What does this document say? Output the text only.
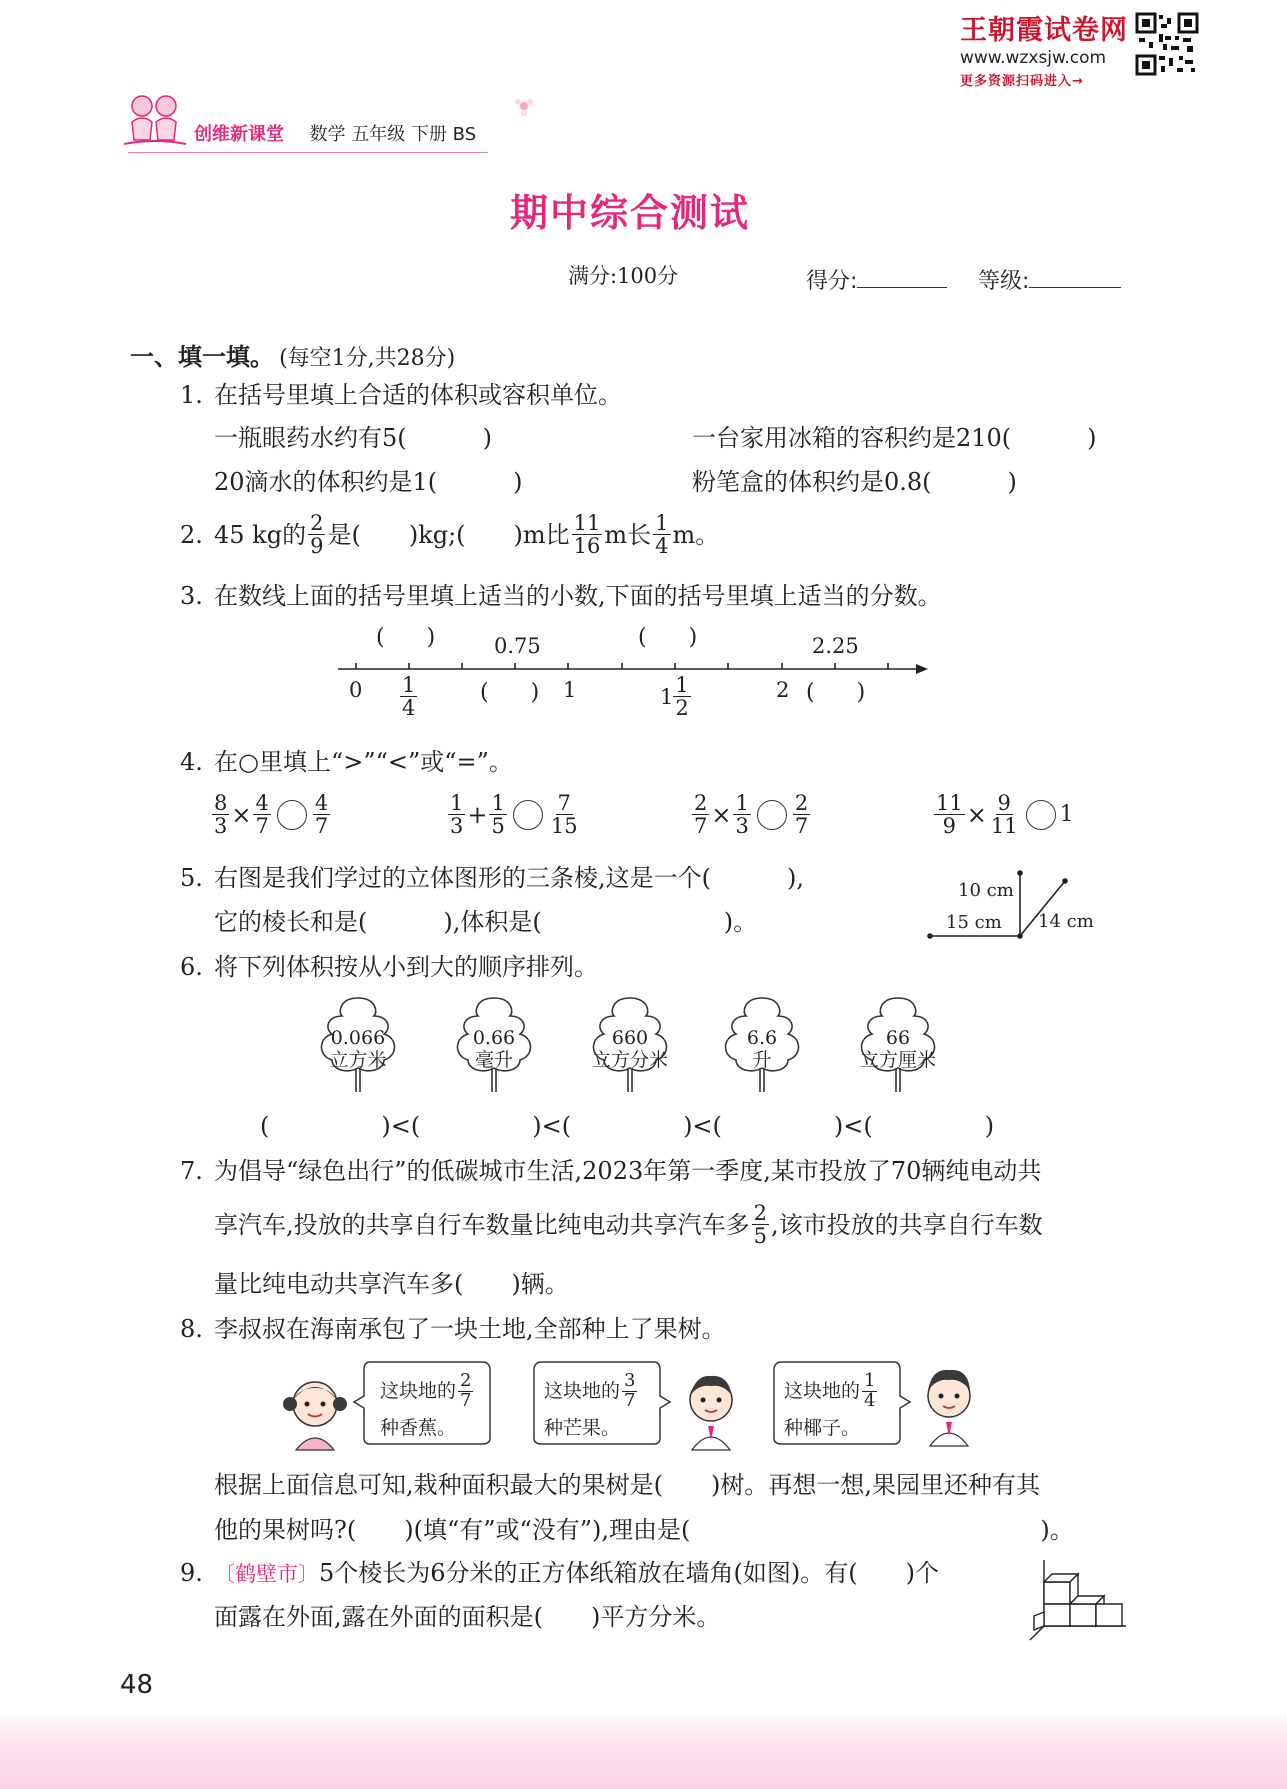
王朝霞试卷网
www.wzxsjw.com
更多资源扫码进入→
创维新课堂 数学 五年级 下册 BS
期中综合测试
满分:100分	得分:	等级:
一、填一填。 (每空1分,共28分)
1. 在括号里填上合适的体积或容积单位。
一瓶眼药水约有5(	)	一台家用冰箱的容积约是210(	)
20滴水的体积约是1(	)	粉笔盒的体积约是0.8(	)
2. 45 kg的 $\frac{2}{9}$ 是( )kg;( )m比 $\frac{11}{16}$ m长 $\frac{1}{4}$ m。
3. 在数线上面的括号里填上适当的小数,下面的括号里填上适当的分数。
( )	0.75	( )	2.25
$0 \frac{1}{4}$	( ) 1	$1 \frac{1}{2}$	2 ( )
4. 在○里填上“>”“<”或“=”。
$\frac{8}{3} \times \frac{4}{7} \frac{4}{7}$	$\frac{1}{3} + \frac{1}{5} \frac{7}{15}$	$\frac{2}{7} \times \frac{1}{3} \frac{2}{7}$	$\frac{11}{9} \times \frac{9}{11} 1$
5. 右图是我们学过的立体图形的三条棱,这是一个(	),
它的棱长和是(	),体积是(	)。
10 cm
15 cm 14 cm
6. 将下列体积按从小到大的顺序排列。
0.066
立方米
0.66
毫升
660
立方分米
6.6
升
66
立方厘米
(	)<(	)<(	)<(	)<(	)
7. 为倡导“绿色出行”的低碳城市生活,2023年第一季度,某市投放了70辆纯电动共
享汽车,投放的共享自行车数量比纯电动共享汽车多 $\frac{2}{5}$ ,该市投放的共享自行车数
量比纯电动共享汽车多( )辆。
8. 李叔叔在海南承包了一块土地,全部种上了果树。
这块地的 $\frac{2}{7}$
种香蕉。
这块地的 $\frac{3}{7}$
种芒果。
这块地的 $\frac{1}{4}$
种椰子。
根据上面信息可知,栽种面积最大的果树是( )树。再想一想,果园里还种有其
他的果树吗?( )(填“有”或“没有”),理由是(	)。
9. 〔鹤壁市〕5个棱长为6分米的正方体纸箱放在墙角(如图)。有( )个
面露在外面,露在外面的面积是( )平方分米。
48
